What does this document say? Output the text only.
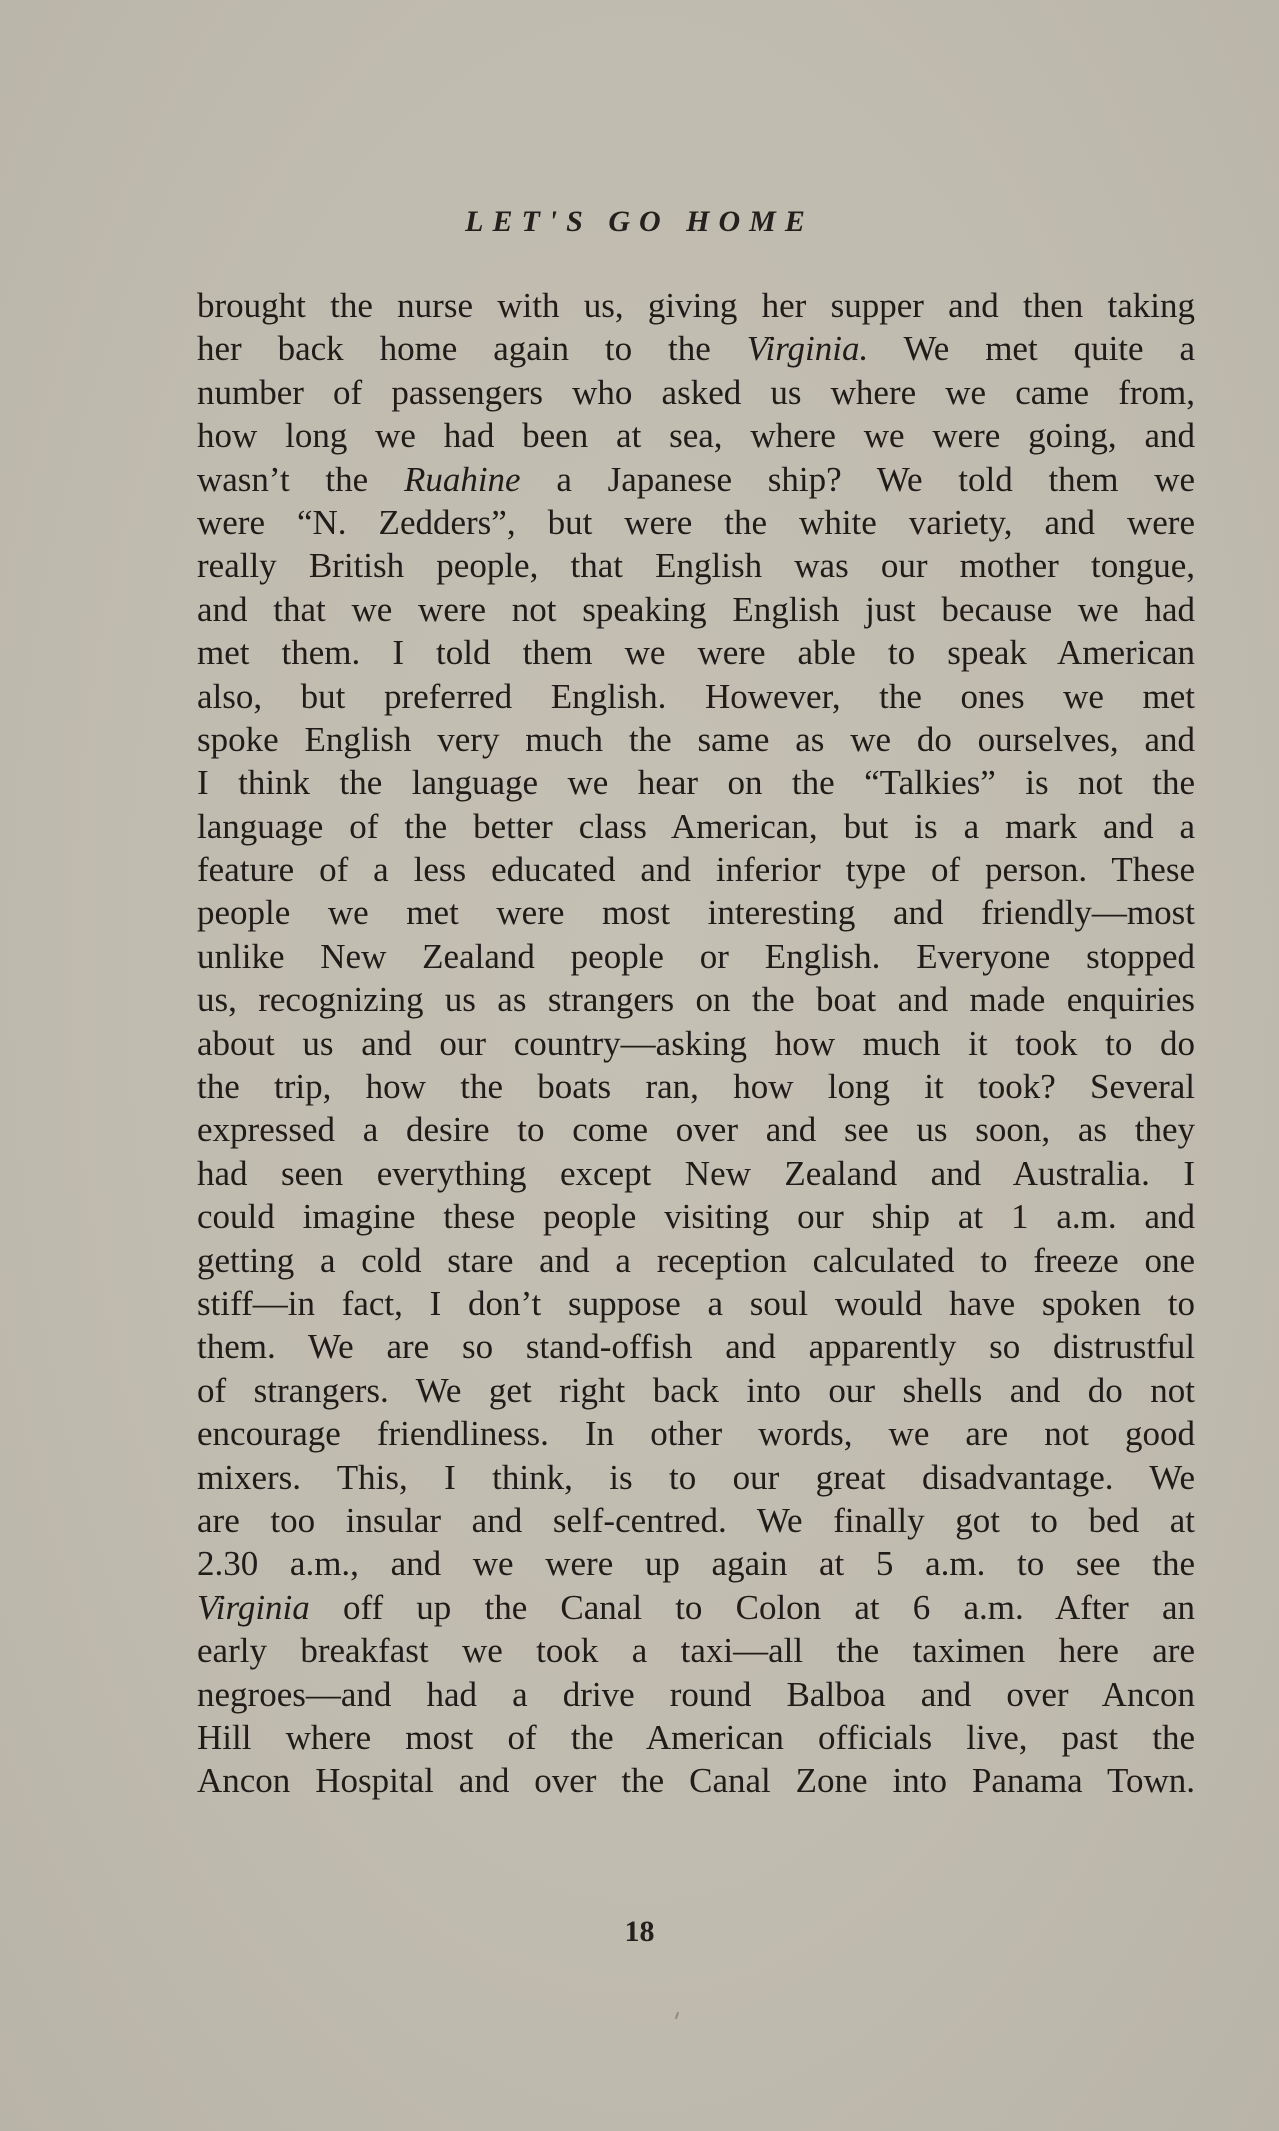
LET'S GO HOME
brought the nurse with us, giving her supper and then taking
her back home again to the Virginia. We met quite a
number of passengers who asked us where we came from,
how long we had been at sea, where we were going, and
wasn’t the Ruahine a Japanese ship? We told them we
were “N. Zedders”, but were the white variety, and were
really British people, that English was our mother tongue,
and that we were not speaking English just because we had
met them. I told them we were able to speak American
also, but preferred English. However, the ones we met
spoke English very much the same as we do ourselves, and
I think the language we hear on the “Talkies” is not the
language of the better class American, but is a mark and a
feature of a less educated and inferior type of person. These
people we met were most interesting and friendly—most
unlike New Zealand people or English. Everyone stopped
us, recognizing us as strangers on the boat and made enquiries
about us and our country—asking how much it took to do
the trip, how the boats ran, how long it took? Several
expressed a desire to come over and see us soon, as they
had seen everything except New Zealand and Australia. I
could imagine these people visiting our ship at 1 a.m. and
getting a cold stare and a reception calculated to freeze one
stiff—in fact, I don’t suppose a soul would have spoken to
them. We are so stand-offish and apparently so distrustful
of strangers. We get right back into our shells and do not
encourage friendliness. In other words, we are not good
mixers. This, I think, is to our great disadvantage. We
are too insular and self-centred. We finally got to bed at
2.30 a.m., and we were up again at 5 a.m. to see the
Virginia off up the Canal to Colon at 6 a.m. After an
early breakfast we took a taxi—all the taximen here are
negroes—and had a drive round Balboa and over Ancon
Hill where most of the American officials live, past the
Ancon Hospital and over the Canal Zone into Panama Town.
18
